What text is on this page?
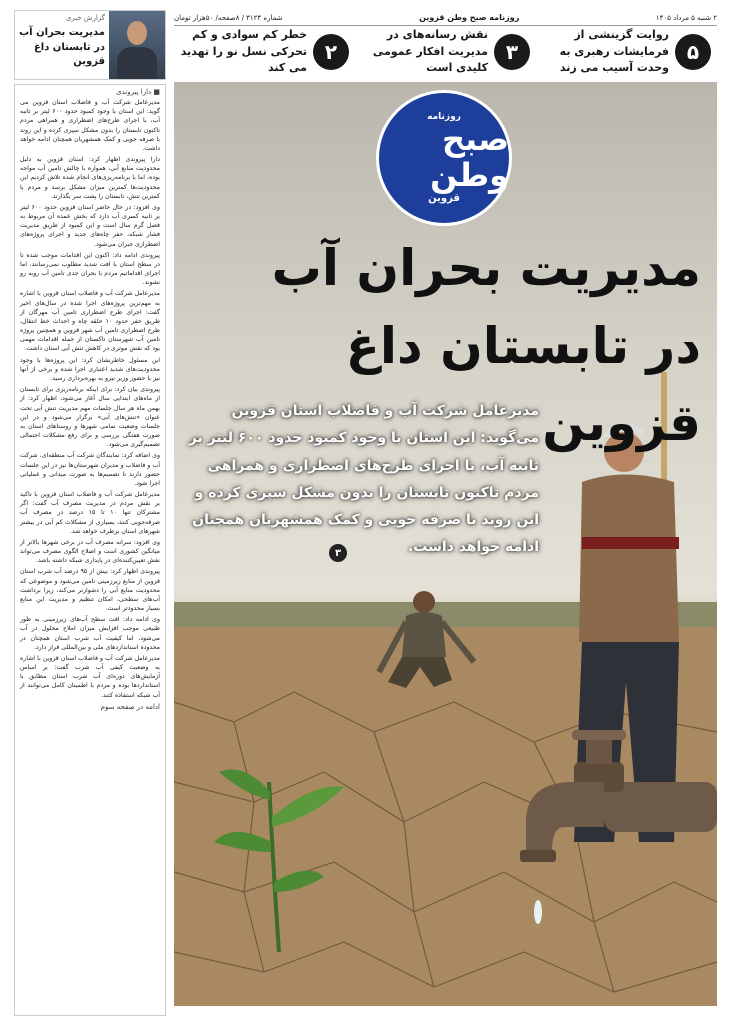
۲ شنبه ۵ مرداد ۱۴۰۵
روزنامه صبح وطن قزوین
شماره ۳۱۲۴ / ۸صفحه/ ۵۰هزار تومان
۵
روایت گزینشی از فرمایشات رهبری به وحدت آسیب می زند
۳
نقش رسانه‌های در مدیریت افکار عمومی کلیدی است
۲
خطر کم سوادی و کم تحرکی نسل نو را تهدید می کند
گزارش خبری
مدیریت بحران آب در تابستان داغ قزوین
■ دارا پیروندی

مدیرعامل شرکت آب و فاضلاب استان قزوین می گوید: این استان با وجود کمبود حدود ۶۰۰ لیتر بر ثانیه آب، با اجرای طرح‌های اضطراری و همراهی مردم تاکنون تابستان را بدون مشکل سپری کرده و این روند با صرفه جویی و کمک همشهریان همچنان ادامه خواهد داشت.

دارا پیروندی اظهار کرد: استان قزوین به دلیل محدودیت منابع آبی، همواره با چالش تامین آب مواجه بوده، اما با برنامه‌ریزی‌های انجام شده تلاش کردیم این محدودیت‌ها کمترین میزان مشکل برسد و مردم با کمترین تنش، تابستان را پشت سر بگذارند.

وی افزود: در حال حاضر استان قزوین حدود ۶۰۰ لیتر بر ثانیه کسری آب دارد که بخش عمده آن مربوط به فصل گرم سال است و این کمبود از طریق مدیریت فشار شبکه، حفر چاه‌های جدید و اجرای پروژه‌های اضطراری جبران می‌شود.

پیروندی ادامه داد: اکنون این اقدامات موجب شده تا در سطح استان با افت شدید مطلوب نمی‌رسانند، اما اجرای اقداماتیم مردم با بحران جدی تامین آب روبه رو نشوند.

مدیرعامل شرکت آب و فاضلاب استان قزوین با اشاره به مهم‌ترین پروژه‌های اجرا شده در سال‌های اخیر گفت: اجرای طرح اضطراری تامین آب مهرگان از طریق حفر حدود ۱۰ حلقه چاه و احداث خط انتقال، طرح اضطراری تامین آب شهر قزوین و همچنین پروژه تامین آب شهرستان تاکستان از جمله اقدامات مهمی بود که نقش موثری در کاهش تنش آبی استان داشت.

این مسئول خاطرنشان کرد: این پروژه‌ها با وجود محدودیت‌های شدید اعتباری اجرا شده و برخی از آنها نیز با حضور وزیر نیرو به بهره‌برداری رسید.

پیروندی بیان کرد: برای اینکه برنامه‌ریزی برای تابستان از ماه‌های ابتدایی سال آغاز می‌شود، اظهار کرد: از بهمن ماه هر سال جلسات مهم مدیریت تنش آبی تحت عنوان «تنش‌های آبی» برگزار می‌شود و در این جلسات وضعیت تمامی شهرها و روستاهای استان به صورت هفتگی بررسی و برای رفع مشکلات احتمالی تصمیم‌گیری می‌شود.

وی اضافه کرد: نمایندگان شرکت آب منطقه‌ای، شرکت آب و فاضلاب و مدیران شهرستان‌ها نیز در این جلسات حضور دارند تا تصمیم‌ها به صورت میدانی و عملیاتی اجرا شود.

مدیرعامل شرکت آب و فاضلاب استان قزوین با تاکید بر نقش مردم در مدیریت مصرف آب گفت: اگر مشترکان تنها ۱۰ تا ۱۵ درصد در مصرف آب صرفه‌جویی کنند، بسیاری از مشکلات کم آبی در بیشتر شهرهای استان برطرف خواهد شد.

وی افزود: سرانه مصرف آب در برخی شهرها بالاتر از میانگین کشوری است و اصلاح الگوی مصرف می‌تواند نقش تعیین‌کننده‌ای در پایداری شبکه داشته باشد.

پیروندی اظهار کرد: بیش از ۹۵ درصد آب شرب استان قزوین از منابع زیرزمینی تامین می‌شود و موضوعی که محدودیت منابع آبی را دشوارتر می‌کند، زیرا برداشت آب‌های سطحی، امکان تنظیم و مدیریت این منابع بسیار محدودتر است.

وی ادامه داد: افت سطح آب‌های زیرزمینی به طور طبیعی موجب افزایش میزان املاح محلول در آب می‌شود، اما کیفیت آب شرب استان همچنان در محدوده استانداردهای ملی و بین‌المللی قرار دارد.

مدیرعامل شرکت آب و فاضلاب استان قزوین با اشاره به وضعیت کیفی آب شرب گفت: بر اساس آزمایش‌های دوره‌ای آب شرب استان مطابق با استانداردها بوده و مردم با اطمینان کامل می‌توانند از آب شبکه استفاده کنند.

ادامه در صفحه سوم
روزنامه
صبح وطن
قزوین
مدیریت بحران آب
در تابستان داغ قزوین
مدیرعامل شرکت آب و فاضلاب استان قزوین می‌گوید: این استان با وجود کمبود حدود ۶۰۰ لیتر بر ثانیه آب، با اجرای طرح‌های اضطراری و همراهی مردم تاکنون تابستان را بدون مشکل سپری کرده و این روند با صرفه جویی و کمک همشهریان همچنان ادامه خواهد داشت.
۳
